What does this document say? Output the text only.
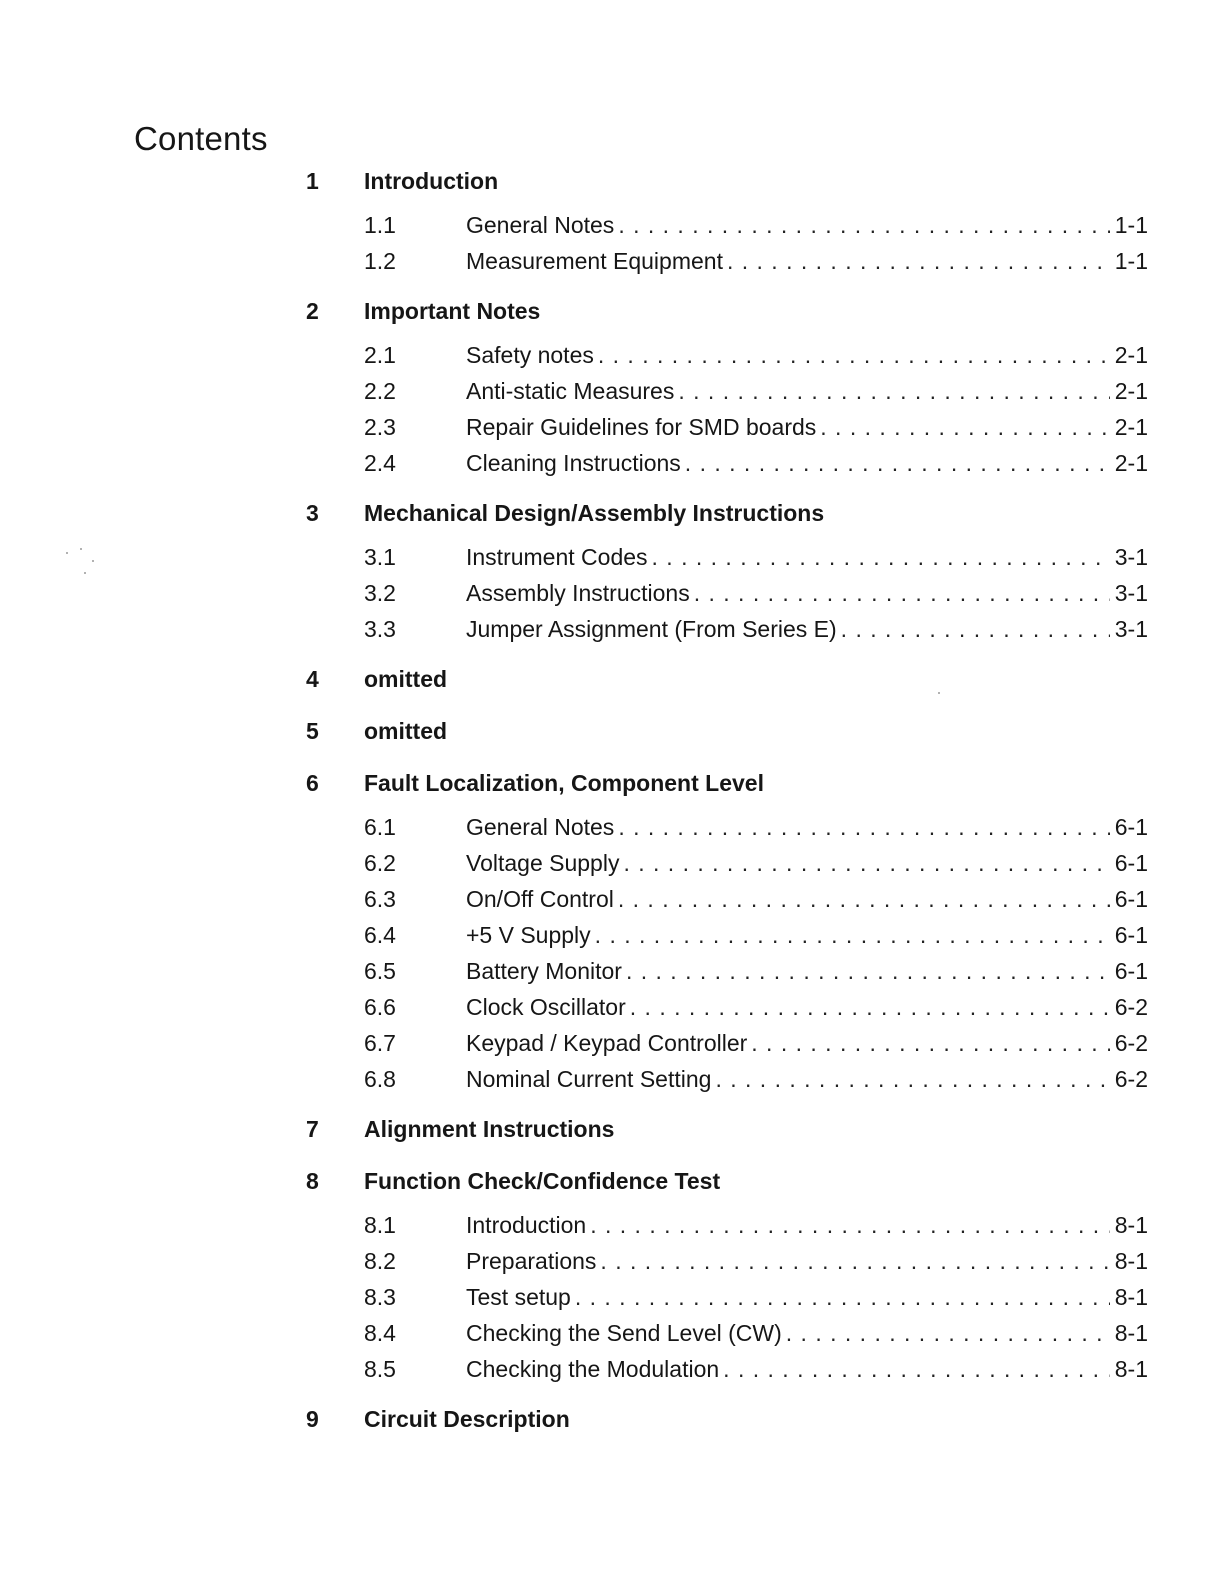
Contents
1	Introduction
1.1	General Notes . . .	1-1
1.2	Measurement Equipment . . .	1-1
2	Important Notes
2.1	Safety notes . . .	2-1
2.2	Anti-static Measures . . .	2-1
2.3	Repair Guidelines for SMD boards . . .	2-1
2.4	Cleaning Instructions . . .	2-1
3	Mechanical Design/Assembly Instructions
3.1	Instrument Codes . . .	3-1
3.2	Assembly Instructions . . .	3-1
3.3	Jumper Assignment (From Series E) . . .	3-1
4	omitted
5	omitted
6	Fault Localization, Component Level
6.1	General Notes . . .	6-1
6.2	Voltage Supply . . .	6-1
6.3	On/Off Control . . .	6-1
6.4	+5 V Supply . . .	6-1
6.5	Battery Monitor . . .	6-1
6.6	Clock Oscillator . . .	6-2
6.7	Keypad / Keypad Controller . . .	6-2
6.8	Nominal Current Setting . . .	6-2
7	Alignment Instructions
8	Function Check/Confidence Test
8.1	Introduction . . .	8-1
8.2	Preparations . . .	8-1
8.3	Test setup . . .	8-1
8.4	Checking the Send Level (CW) . . .	8-1
8.5	Checking the Modulation . . .	8-1
9	Circuit Description
